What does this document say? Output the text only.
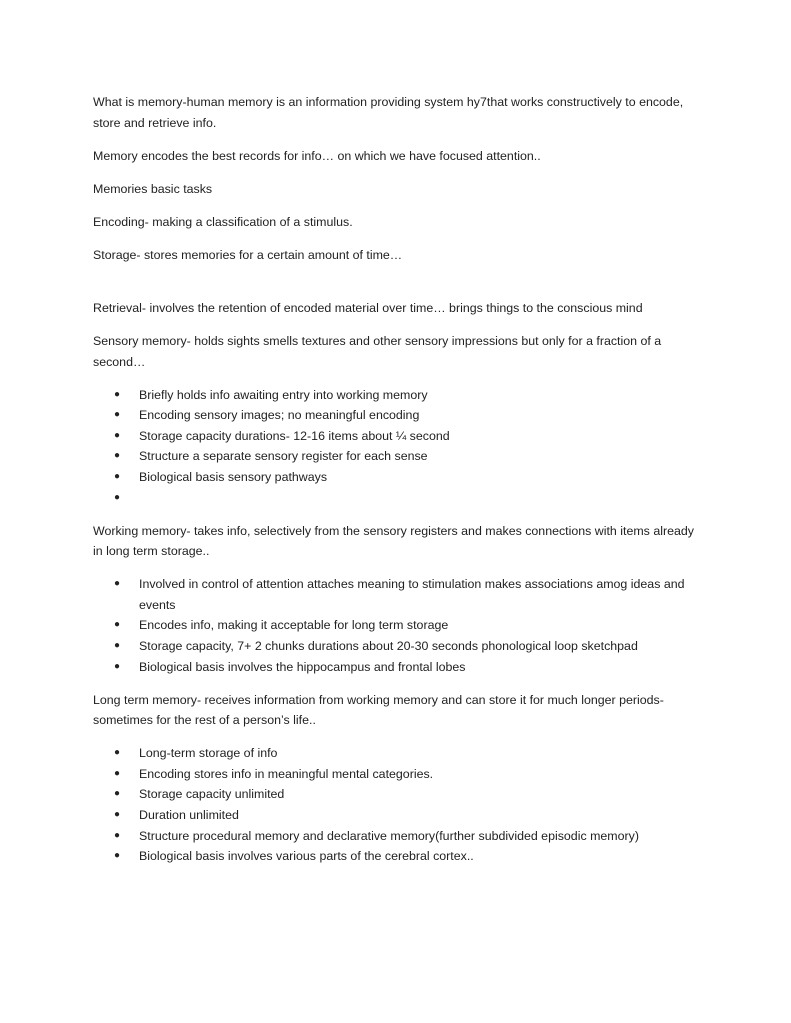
What is memory-human memory is an information providing system hy7that works constructively to encode, store and retrieve info.

Memory encodes the best records for info… on which we have focused attention..

Memories basic tasks

Encoding- making a classification of a stimulus.

Storage- stores memories for a certain amount of time…

Retrieval- involves the retention of encoded material over time… brings things to the conscious mind

Sensory memory- holds sights smells textures and other sensory impressions but only for a fraction of a second…

● Briefly holds info awaiting entry into working memory
● Encoding sensory images; no meaningful encoding
● Storage capacity durations- 12-16 items about ¼ second
● Structure a separate sensory register for each sense
● Biological basis sensory pathways
●

Working memory- takes info, selectively from the sensory registers and makes connections with items already in long term storage..

● Involved in control of attention attaches meaning to stimulation makes associations amog ideas and events
● Encodes info, making it acceptable for long term storage
● Storage capacity, 7+ 2 chunks durations about 20-30 seconds phonological loop sketchpad
● Biological basis involves the hippocampus and frontal lobes

Long term memory- receives information from working memory and can store it for much longer periods- sometimes for the rest of a person’s life..

● Long-term storage of info
● Encoding stores info in meaningful mental categories.
● Storage capacity unlimited
● Duration unlimited
● Structure procedural memory and declarative memory(further subdivided episodic memory)
● Biological basis involves various parts of the cerebral cortex..
